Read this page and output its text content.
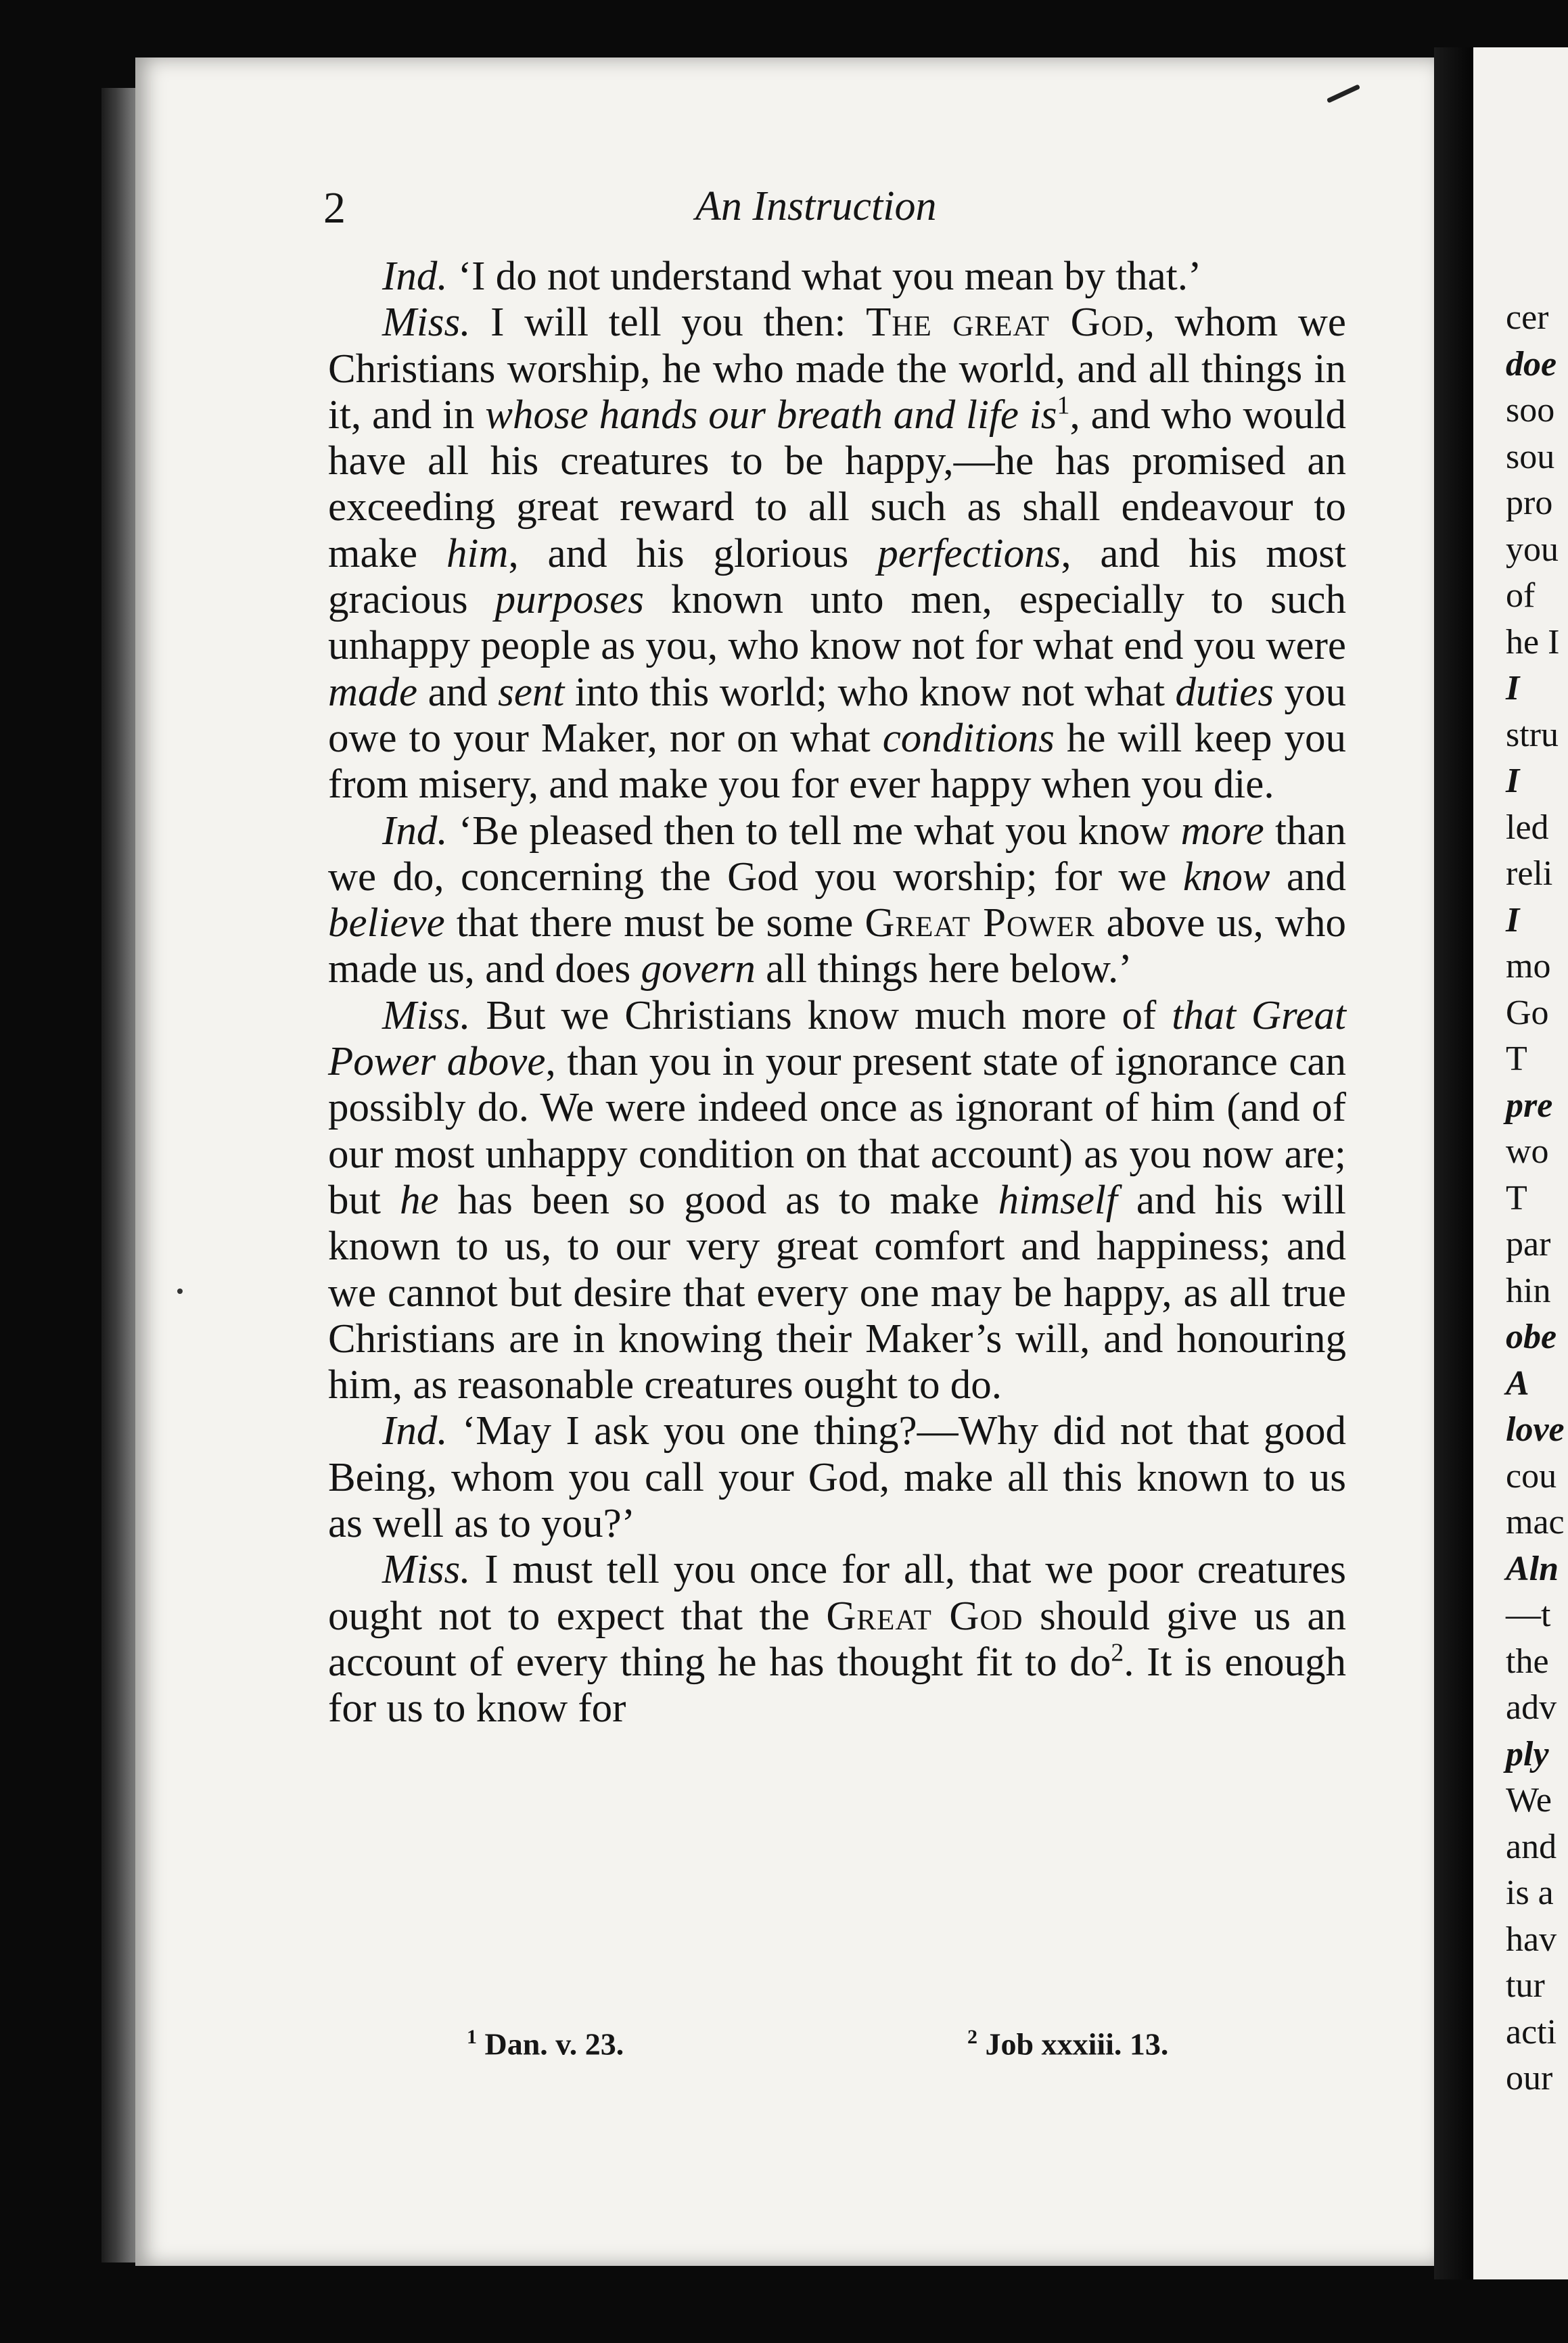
2	An Instruction

Ind. ‘I do not understand what you mean by that.’

Miss. I will tell you then: The great God, whom we Christians worship, he who made the world, and all things in it, and in whose hands our breath and life is$^1$, and who would have all his creatures to be happy,—he has promised an exceeding great reward to all such as shall endeavour to make him, and his glorious perfections, and his most gracious purposes known unto men, especially to such unhappy people as you, who know not for what end you were made and sent into this world; who know not what duties you owe to your Maker, nor on what conditions he will keep you from misery, and make you for ever happy when you die.

Ind. ‘Be pleased then to tell me what you know more than we do, concerning the God you worship; for we know and believe that there must be some Great Power above us, who made us, and does govern all things here below.’

Miss. But we Christians know much more of that Great Power above, than you in your present state of ignorance can possibly do. We were indeed once as ignorant of him (and of our most unhappy condition on that account) as you now are; but he has been so good as to make himself and his will known to us, to our very great comfort and happiness; and we cannot but desire that every one may be happy, as all true Christians are in knowing their Maker’s will, and honouring him, as reasonable creatures ought to do.

Ind. ‘May I ask you one thing?—Why did not that good Being, whom you call your God, make all this known to us as well as to you?’

Miss. I must tell you once for all, that we poor creatures ought not to expect that the Great God should give us an account of every thing he has thought fit to do$^2$. It is enough for us to know for

$^1$ Dan. v. 23.	$^2$ Job xxxiii. 13.
cer
doe
soo
sou
pro
you
of
he I
I
stru
I
led
reli
I
mo
Go
T
pre
wo
T
par
hin
obe
A
love
cou
mac
Aln
—t
the
adv
ply
We
and
is a
hav
tur
acti
our
